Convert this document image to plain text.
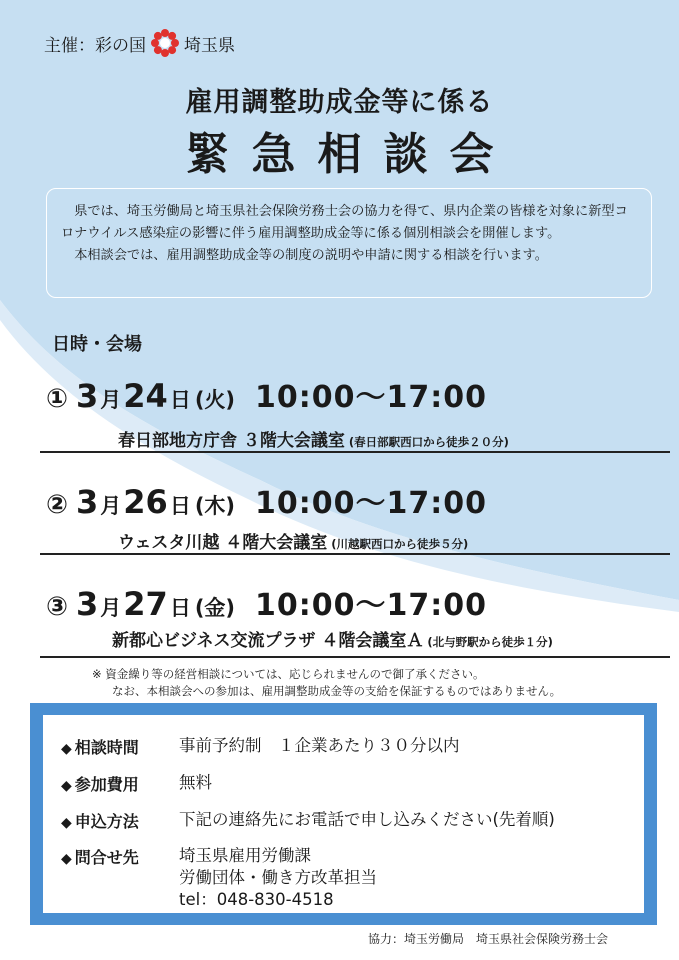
主催：彩の国 埼玉県
雇用調整助成金等に係る
緊急相談会

県では、埼玉労働局と埼玉県社会保険労務士会の協力を得て、県内企業の皆様を対象に新型コロナウイルス感染症の影響に伴う雇用調整助成金等に係る個別相談会を開催します。

本相談会では、雇用調整助成金等の制度の説明や申請に関する相談を行います。

日時・会場
① 3 月 24 日 (火) 10:00〜17:00
春日部地方庁舎 ３階大会議室 (春日部駅西口から徒歩２０分)
② 3 月 26 日 (木) 10:00〜17:00
ウェスタ川越 ４階大会議室 (川越駅西口から徒歩５分)
③ 3 月 27 日 (金) 10:00〜17:00
新都心ビジネス交流プラザ ４階会議室Ａ (北与野駅から徒歩１分)
※ 資金繰り等の経営相談については、応じられませんので御了承ください。
なお、本相談会への参加は、雇用調整助成金等の支給を保証するものではありません。
◆ 相談時間	事前予約制　１企業あたり３０分以内
◆ 参加費用	無料
◆ 申込方法	下記の連絡先にお電話で申し込みください(先着順)
◆ 問合せ先	埼玉県雇用労働課
労働団体・働き方改革担当
tel：048-830-4518
協力：埼玉労働局　埼玉県社会保険労務士会
